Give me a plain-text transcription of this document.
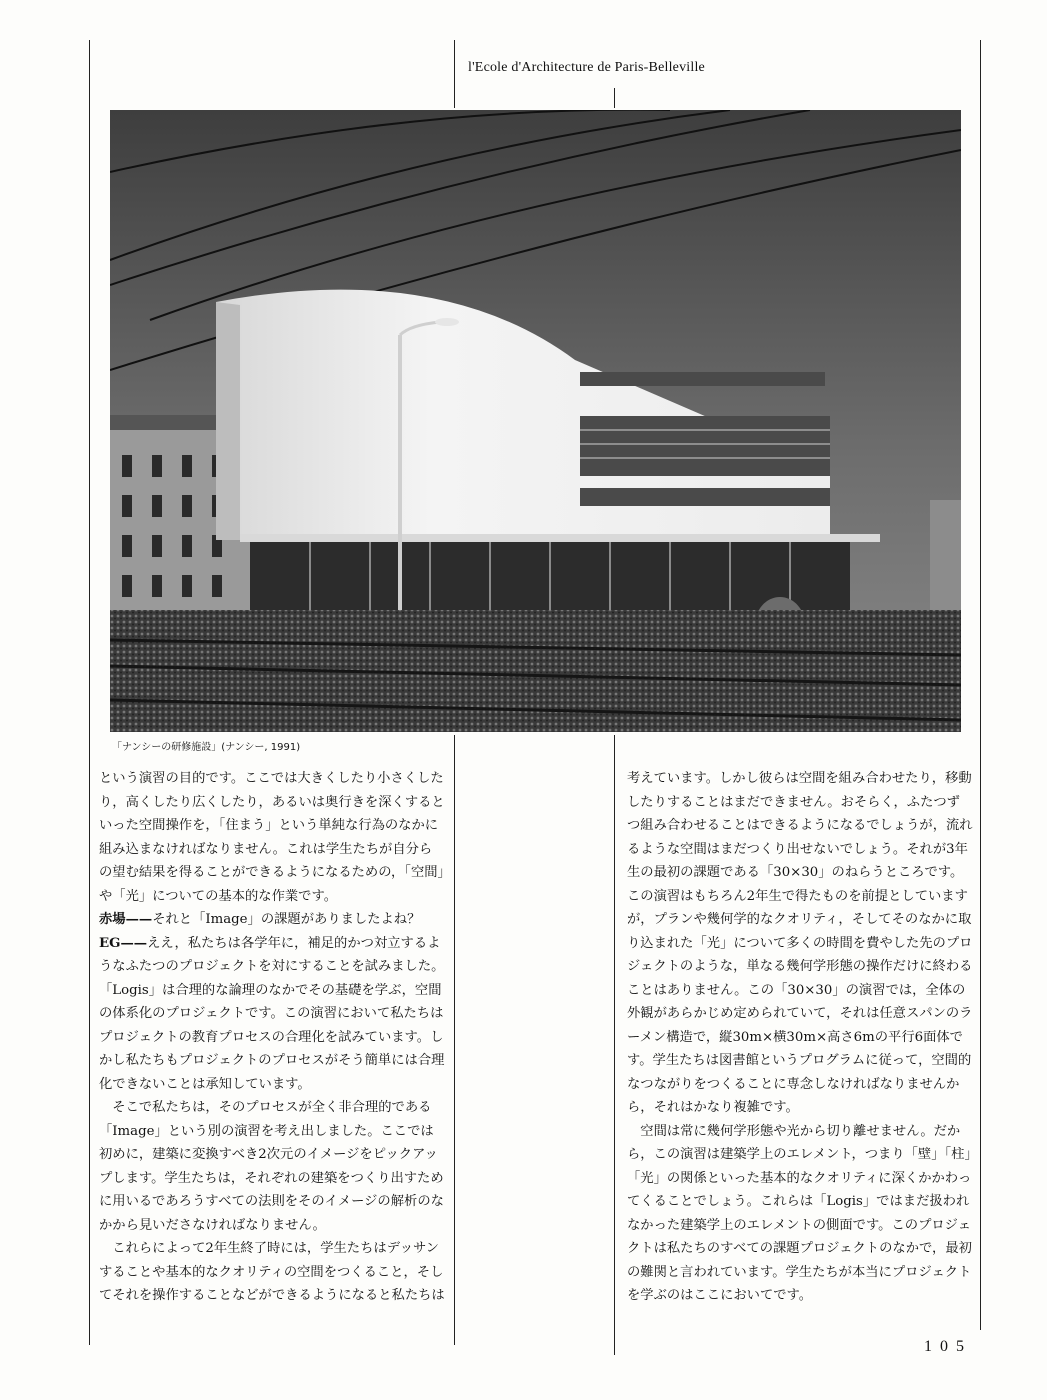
l'Ecole d'Architecture de Paris-Belleville
「ナンシーの研修施設」(ナンシー, 1991)

という演習の目的です。ここでは大きくしたり小さくしたり，高くしたり広くしたり，あるいは奥行きを深くするといった空間操作を，「住まう」という単純な行為のなかに組み込まなければなりません。これは学生たちが自分らの望む結果を得ることができるようになるための，「空間」や「光」についての基本的な作業です。

赤場——それと「Image」の課題がありましたよね？

EG——ええ，私たちは各学年に，補足的かつ対立するようなふたつのプロジェクトを対にすることを試みました。「Logis」は合理的な論理のなかでその基礎を学ぶ，空間の体系化のプロジェクトです。この演習において私たちはプロジェクトの教育プロセスの合理化を試みています。しかし私たちもプロジェクトのプロセスがそう簡単には合理化できないことは承知しています。

そこで私たちは，そのプロセスが全く非合理的である「Image」という別の演習を考え出しました。ここでは初めに，建築に変換すべき2次元のイメージをピックアップします。学生たちは，それぞれの建築をつくり出すために用いるであろうすべての法則をそのイメージの解析のなかから見いださなければなりません。

これらによって2年生終了時には，学生たちはデッサンすることや基本的なクオリティの空間をつくること，そしてそれを操作することなどができるようになると私たちは

考えています。しかし彼らは空間を組み合わせたり，移動したりすることはまだできません。おそらく，ふたつずつ組み合わせることはできるようになるでしょうが，流れるような空間はまだつくり出せないでしょう。それが3年生の最初の課題である「30×30」のねらうところです。この演習はもちろん2年生で得たものを前提としていますが，プランや幾何学的なクオリティ，そしてそのなかに取り込まれた「光」について多くの時間を費やした先のプロジェクトのような，単なる幾何学形態の操作だけに終わることはありません。この「30×30」の演習では，全体の外観があらかじめ定められていて，それは任意スパンのラーメン構造で，縦30m×横30m×高さ6mの平行6面体です。学生たちは図書館というプログラムに従って，空間的なつながりをつくることに専念しなければなりませんから，それはかなり複雑です。

空間は常に幾何学形態や光から切り離せません。だから，この演習は建築学上のエレメント，つまり「壁」「柱」「光」の関係といった基本的なクオリティに深くかかわってくることでしょう。これらは「Logis」ではまだ扱われなかった建築学上のエレメントの側面です。このプロジェクトは私たちのすべての課題プロジェクトのなかで，最初の難関と言われています。学生たちが本当にプロジェクトを学ぶのはここにおいてです。

105
